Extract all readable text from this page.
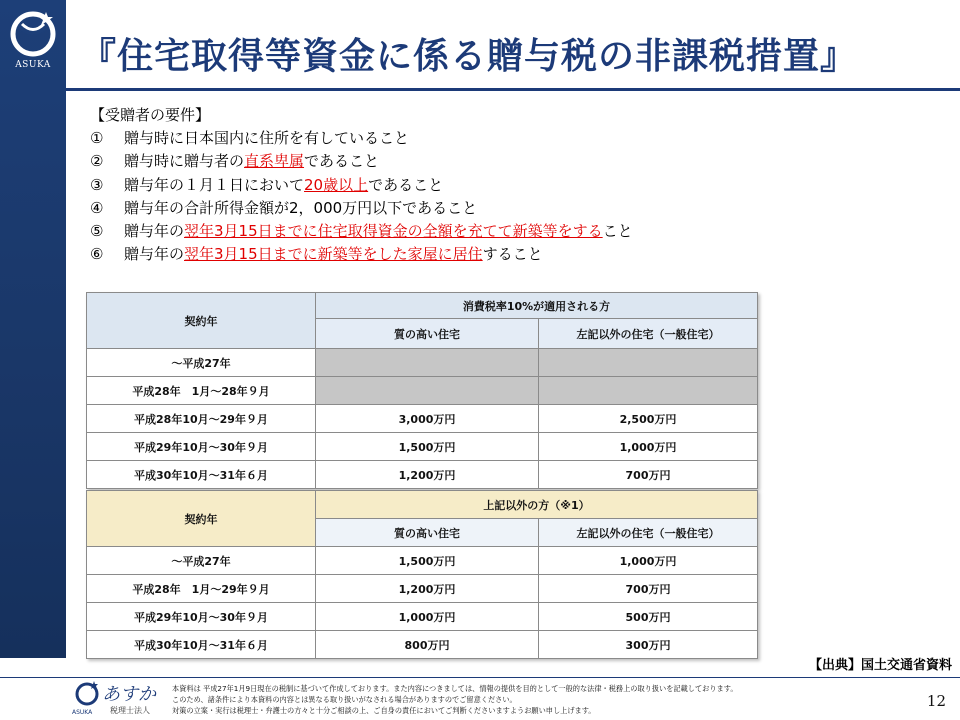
ASUKA 『住宅取得等資金に係る贈与税の非課税措置』
【受贈者の要件】
①	贈与時に日本国内に住所を有していること
②	贈与時に贈与者の直系卑属であること
③	贈与年の１月１日において20歳以上であること
④	贈与年の合計所得金額が2，000万円以下であること
⑤	贈与年の翌年3月15日までに住宅取得資金の全額を充てて新築等をすること
⑥	贈与年の翌年3月15日までに新築等をした家屋に居住すること
契約年	消費税率10%が適用される方	
	質の高い住宅	左記以外の住宅（一般住宅）
～平成27年		
平成28年　1月～28年９月		
平成28年10月～29年９月	3,000万円	2,500万円
平成29年10月～30年９月	1,500万円	1,000万円
平成30年10月～31年６月	1,200万円	700万円
契約年	上記以外の方（※1）	
	質の高い住宅	左記以外の住宅（一般住宅）
～平成27年	1,500万円	1,000万円
平成28年　1月～29年９月	1,200万円	700万円
平成29年10月～30年９月	1,000万円	500万円
平成30年10月～31年６月	800万円	300万円
【出典】国土交通省資料
あすか
税理士法人
ASUKA
本資料は 平成27年1月9日現在の税制に基づいて作成しております。また内容につきましては、情報の提供を目的として一般的な法律・税務上の取り扱いを記載しております。
このため、諸条件により本資料の内容とは異なる取り扱いがなされる場合がありますのでご留意ください。
対策の立案・実行は税理士・弁護士の方々と十分ご相談の上、ご自身の責任においてご判断くださいますようお願い申し上げます。
12
